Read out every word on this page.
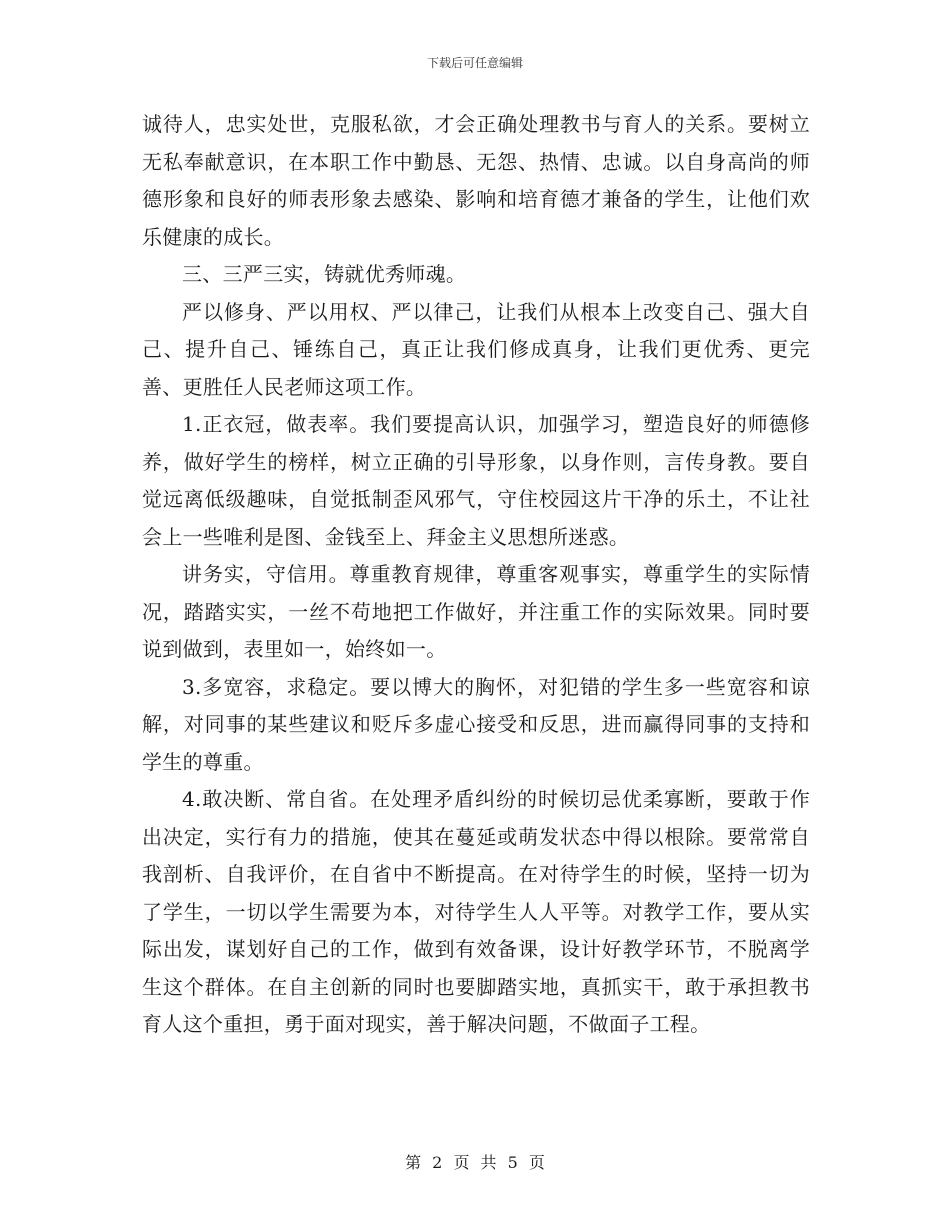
下载后可任意编辑

诚待人，忠实处世，克服私欲，才会正确处理教书与育人的关系。要树立无私奉献意识，在本职工作中勤恳、无怨、热情、忠诚。以自身高尚的师德形象和良好的师表形象去感染、影响和培育德才兼备的学生，让他们欢乐健康的成长。

三、三严三实，铸就优秀师魂。

严以修身、严以用权、严以律己，让我们从根本上改变自己、强大自己、提升自己、锤练自己，真正让我们修成真身，让我们更优秀、更完善、更胜任人民老师这项工作。

1.正衣冠，做表率。我们要提高认识，加强学习，塑造良好的师德修养，做好学生的榜样，树立正确的引导形象，以身作则，言传身教。要自觉远离低级趣味，自觉抵制歪风邪气，守住校园这片干净的乐土，不让社会上一些唯利是图、金钱至上、拜金主义思想所迷惑。

讲务实，守信用。尊重教育规律，尊重客观事实，尊重学生的实际情况，踏踏实实，一丝不苟地把工作做好，并注重工作的实际效果。同时要说到做到，表里如一，始终如一。

3.多宽容，求稳定。要以博大的胸怀，对犯错的学生多一些宽容和谅解，对同事的某些建议和贬斥多虚心接受和反思，进而赢得同事的支持和学生的尊重。

4.敢决断、常自省。在处理矛盾纠纷的时候切忌优柔寡断，要敢于作出决定，实行有力的措施，使其在蔓延或萌发状态中得以根除。要常常自我剖析、自我评价，在自省中不断提高。在对待学生的时候，坚持一切为了学生，一切以学生需要为本，对待学生人人平等。对教学工作，要从实际出发，谋划好自己的工作，做到有效备课，设计好教学环节，不脱离学生这个群体。在自主创新的同时也要脚踏实地，真抓实干，敢于承担教书育人这个重担，勇于面对现实，善于解决问题，不做面子工程。

第 2 页 共 5 页
